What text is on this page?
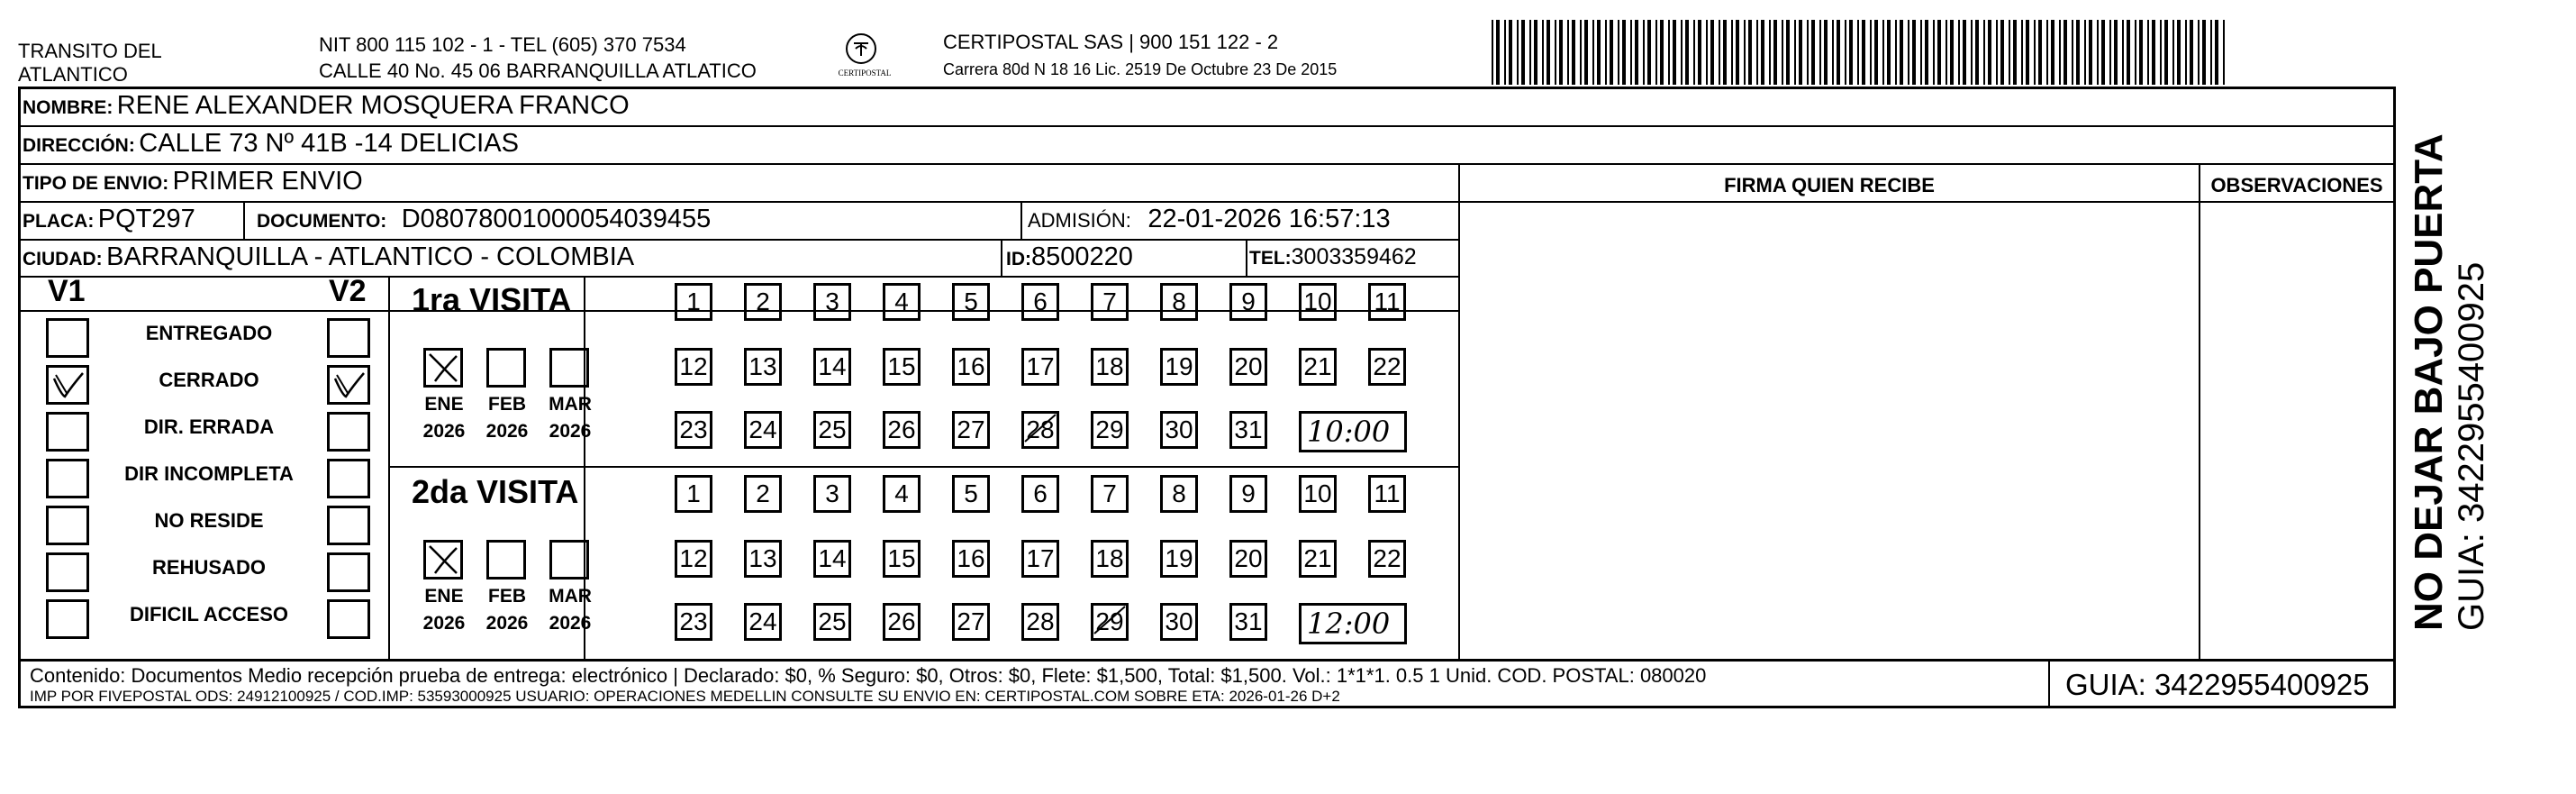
TRANSITO DEL
ATLANTICO
NIT 800 115 102 - 1 - TEL (605) 370 7534
CALLE 40 No. 45 06 BARRANQUILLA ATLATICO	CERTIPOSTAL
CERTIPOSTAL SAS | 900 151 122 - 2
Carrera 80d N 18 16 Lic. 2519 De Octubre 23 De 2015
NOMBRE: RENE ALEXANDER MOSQUERA FRANCO
DIRECCIÓN: CALLE 73 Nº 41B -14 DELICIAS
TIPO DE ENVIO: PRIMER ENVIO
PLACA: PQT297	DOCUMENTO: D08078001000054039455	ADMISIÓN: 22-01-2026 16:57:13
CIUDAD: BARRANQUILLA - ATLANTICO - COLOMBIA	ID:8500220	TEL:3003359462
FIRMA QUIEN RECIBE	OBSERVACIONES
V1	V2
ENTREGADO
CERRADO
DIR. ERRADA
DIR INCOMPLETA
NO RESIDE
REHUSADO
DIFICIL ACCESO
1ra VISITA
ENE
2026
FEB
2026
MAR
2026
1	2	3	4	5	6	7	8	9	10 11
12 13 14 15 16 17 18 19 20 21 22
23 24 25 26 27 28 29 30 31 10:00
2da VISITA
ENE
2026
FEB
2026
MAR
2026
1	2	3	4	5	6	7	8	9	10 11
12 13 14 15 16 17 18 19 20 21 22
23 24 25 26 27 28 29 30 31 12:00
Contenido: Documentos Medio recepción prueba de entrega: electrónico | Declarado: $0, % Seguro: $0, Otros: $0, Flete: $1,500, Total: $1,500. Vol.: 1*1*1. 0.5 1 Unid. COD. POSTAL: 080020
IMP POR FIVEPOSTAL ODS: 24912100925 / COD.IMP: 53593000925 USUARIO: OPERACIONES MEDELLIN CONSULTE SU ENVIO EN: CERTIPOSTAL.COM SOBRE ETA: 2026-01-26 D+2	GUIA: 3422955400925
NO DEJAR BAJO PUERTA GUIA: 3422955400925
